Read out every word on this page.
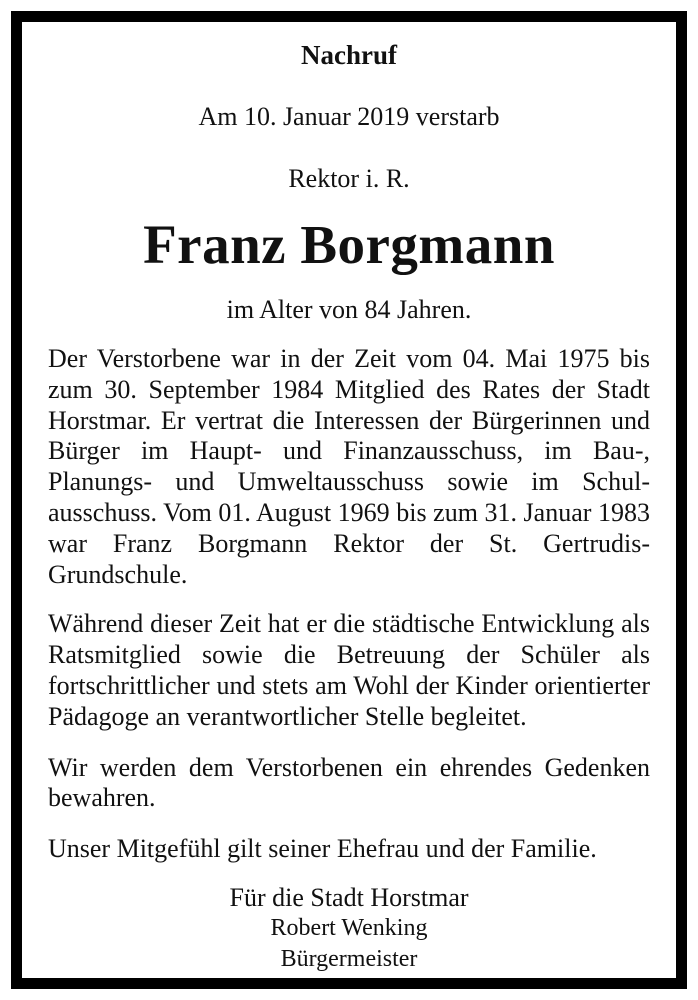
Nachruf
Am 10. Januar 2019 verstarb
Rektor i. R.
Franz Borgmann
im Alter von 84 Jahren.

Der Verstorbene war in der Zeit vom 04. Mai 1975 bis zum 30. September 1984 Mitglied des Rates der Stadt Horstmar. Er vertrat die Interessen der Bürgerinnen und Bürger im Haupt- und Finanzausschuss, im Bau-, Planungs- und Umweltausschuss sowie im Schulausschuss. Vom 01. August 1969 bis zum 31. Januar 1983 war Franz Borgmann Rektor der St. Gertrudis-Grundschule.

Während dieser Zeit hat er die städtische Entwicklung als Ratsmitglied sowie die Betreuung der Schüler als fortschrittlicher und stets am Wohl der Kinder orientierter Pädagoge an verantwortlicher Stelle begleitet.

Wir werden dem Verstorbenen ein ehrendes Gedenken bewahren.

Unser Mitgefühl gilt seiner Ehefrau und der Familie.

Für die Stadt Horstmar
Robert Wenking
Bürgermeister
